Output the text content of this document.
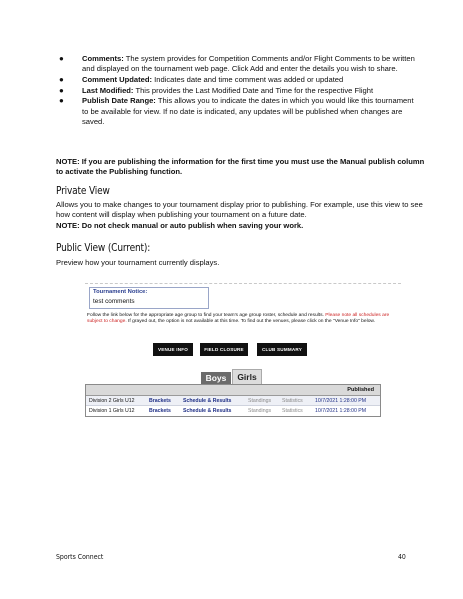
● Comments: The system provides for Competition Comments and/or Flight Comments to be written and displayed on the tournament web page. Click Add and enter the details you wish to share.
● Comment Updated: Indicates date and time comment was added or updated
● Last Modified: This provides the Last Modified Date and Time for the respective Flight
● Publish Date Range: This allows you to indicate the dates in which you would like this tournament to be available for view. If no date is indicated, any updates will be published when changes are saved.
NOTE: If you are publishing the information for the first time you must use the Manual publish column to activate the Publishing function.
Private View
Allows you to make changes to your tournament display prior to publishing. For example, use this view to see how content will display when publishing your tournament on a future date.
NOTE: Do not check manual or auto publish when saving your work.
Public View (Current):
Preview how your tournament currently displays.
Tournament Notice:
test comments
Follow the link below for the appropriate age group to find your team's age group roster, schedule and results. Please note all schedules are subject to change. If grayed out, the option is not available at this time. To find out the venues, please click on the "Venue Info" below.
VENUE INFO	FIELD CLOSURE	CLUB SUMMARY
Boys	Girls
Published
Division 2 Girls U12	Brackets Schedule & Results	Standings Statistics 10/7/2021 1:28:00 PM
Division 1 Girls U12	Brackets Schedule & Results	Standings Statistics 10/7/2021 1:28:00 PM
Sports Connect	40
